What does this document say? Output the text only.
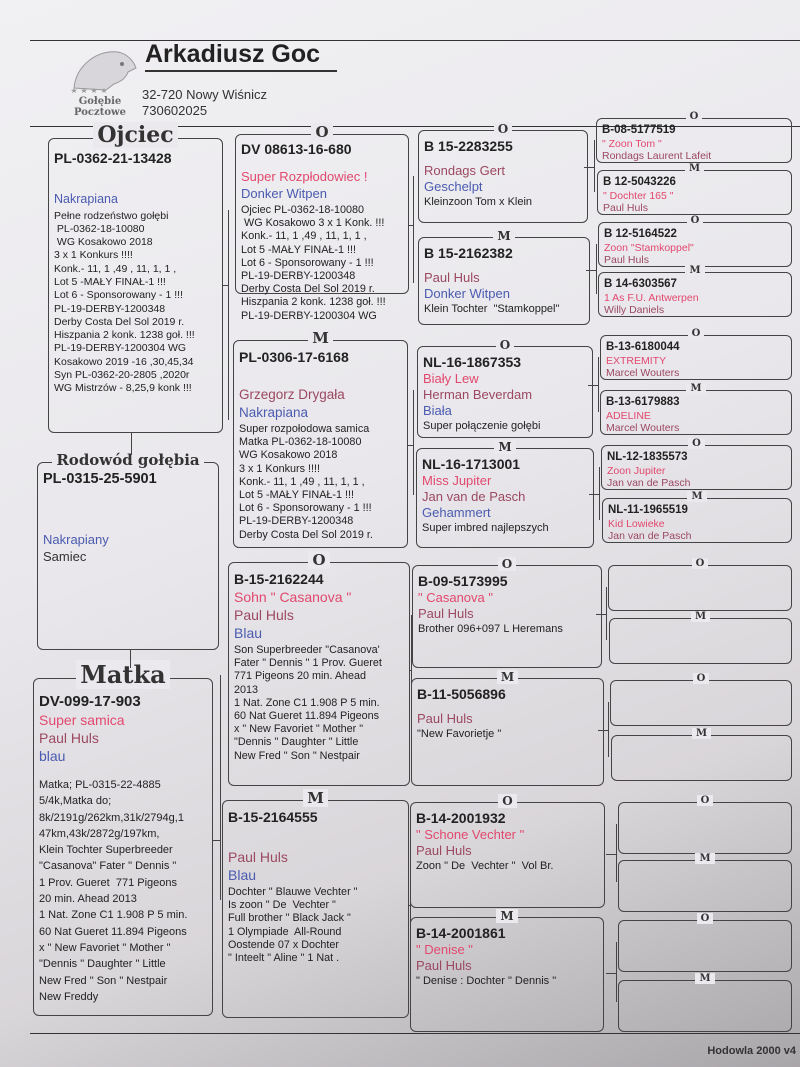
Gołębie
Pocztowe
Arkadiusz Goc
32-720 Nowy Wiśnicz
730602025
Hodowla 2000 v4
PL-0362-21-13428
Nakrapiana
Pełne rodzeństwo gołębi
PL-0362-18-10080
WG Kosakowo 2018
3 x 1 Konkurs !!!!
Konk.- 11, 1 ,49 , 11, 1, 1 ,
Lot 5 -MAŁY FINAŁ-1 !!!
Lot 6 - Sponsorowany - 1 !!!
PL-19-DERBY-1200348
Derby Costa Del Sol 2019 r.
Hiszpania 2 konk. 1238 goł. !!!
PL-19-DERBY-1200304 WG
Kosakowo 2019 -16 ,30,45,34
Syn PL-0362-20-2805 ,2020r
WG Mistrzów - 8,25,9 konk !!!
Ojciec
PL-0315-25-5901
Nakrapiany
Samiec
Rodowód gołębia
DV-099-17-903
Super samica
Paul Huls
blau
Matka; PL-0315-22-4885
5/4k,Matka do;
8k/2191g/262km,31k/2794g,1
47km,43k/2872g/197km,
Klein Tochter Superbreeder
"Casanova" Fater " Dennis "
1 Prov. Gueret  771 Pigeons
20 min. Ahead 2013
1 Nat. Zone C1 1.908 P 5 min.
60 Nat Gueret 11.894 Pigeons
x " New Favoriet " Mother "
"Dennis " Daughter " Little
New Fred " Son " Nestpair
New Freddy
Matka
DV 08613-16-680
Super Rozpłodowiec !
Donker Witpen
Ojciec PL-0362-18-10080
WG Kosakowo 3 x 1 Konk. !!!
Konk.- 11, 1 ,49 , 11, 1, 1 ,
Lot 5 -MAŁY FINAŁ-1 !!!
Lot 6 - Sponsorowany - 1 !!!
PL-19-DERBY-1200348
Derby Costa Del Sol 2019 r.
Hiszpania 2 konk. 1238 goł. !!!
PL-19-DERBY-1200304 WG
O
PL-0306-17-6168
Grzegorz Drygała
Nakrapiana
Super rozpołodowa samica
Matka PL-0362-18-10080
WG Kosakowo 2018
3 x 1 Konkurs !!!!
Konk.- 11, 1 ,49 , 11, 1, 1 ,
Lot 5 -MAŁY FINAŁ-1 !!!
Lot 6 - Sponsorowany - 1 !!!
PL-19-DERBY-1200348
Derby Costa Del Sol 2019 r.
M
B-15-2162244
Sohn " Casanova "
Paul Huls
Blau
Son Superbreeder "Casanova'
Fater " Dennis " 1 Prov. Gueret
771 Pigeons 20 min. Ahead
2013
1 Nat. Zone C1 1.908 P 5 min.
60 Nat Gueret 11.894 Pigeons
x " New Favoriet " Mother "
"Dennis " Daughter " Little
New Fred " Son " Nestpair
O
B-15-2164555
Paul Huls
Blau
Dochter " Blauwe Vechter "
Is zoon " De  Vechter "
Full brother " Black Jack "
1 Olympiade  All-Round
Oostende 07 x Dochter
" Inteelt " Aline " 1 Nat .
M
B 15-2283255
Rondags Gert
Geschelpt
Kleinzoon Tom x Klein
O
B 15-2162382
Paul Huls
Donker Witpen
Klein Tochter  "Stamkoppel"
M
NL-16-1867353
Biały Lew
Herman Beverdam
Biała
Super połączenie gołębi
O
NL-16-1713001
Miss Jupiter
Jan van de Pasch
Gehammert
Super imbred najlepszych
M
B-09-5173995
" Casanova "
Paul Huls
Brother 096+097 L Heremans
O
B-11-5056896
Paul Huls
"New Favorietje "
M
B-14-2001932
" Schone Vechter "
Paul Huls
Zoon " De  Vechter "  Vol Br.
O
B-14-2001861
" Denise "
Paul Huls
" Denise : Dochter " Dennis "
M
B-08-5177519
" Zoon Tom "
Rondags Laurent Lafeit
O
B 12-5043226
" Dochter 165 "
Paul Huls
M
B 12-5164522
Zoon "Stamkoppel"
Paul Huls
O
B 14-6303567
1 As F.U. Antwerpen
Willy Daniels
M
B-13-6180044
EXTREMITY
Marcel Wouters
O
B-13-6179883
ADELINE
Marcel Wouters
M
NL-12-1835573
Zoon Jupiter
Jan van de Pasch
O
NL-11-1965519
Kid Lowieke
Jan van de Pasch
M
O
M
O
M
O
M
O
M
